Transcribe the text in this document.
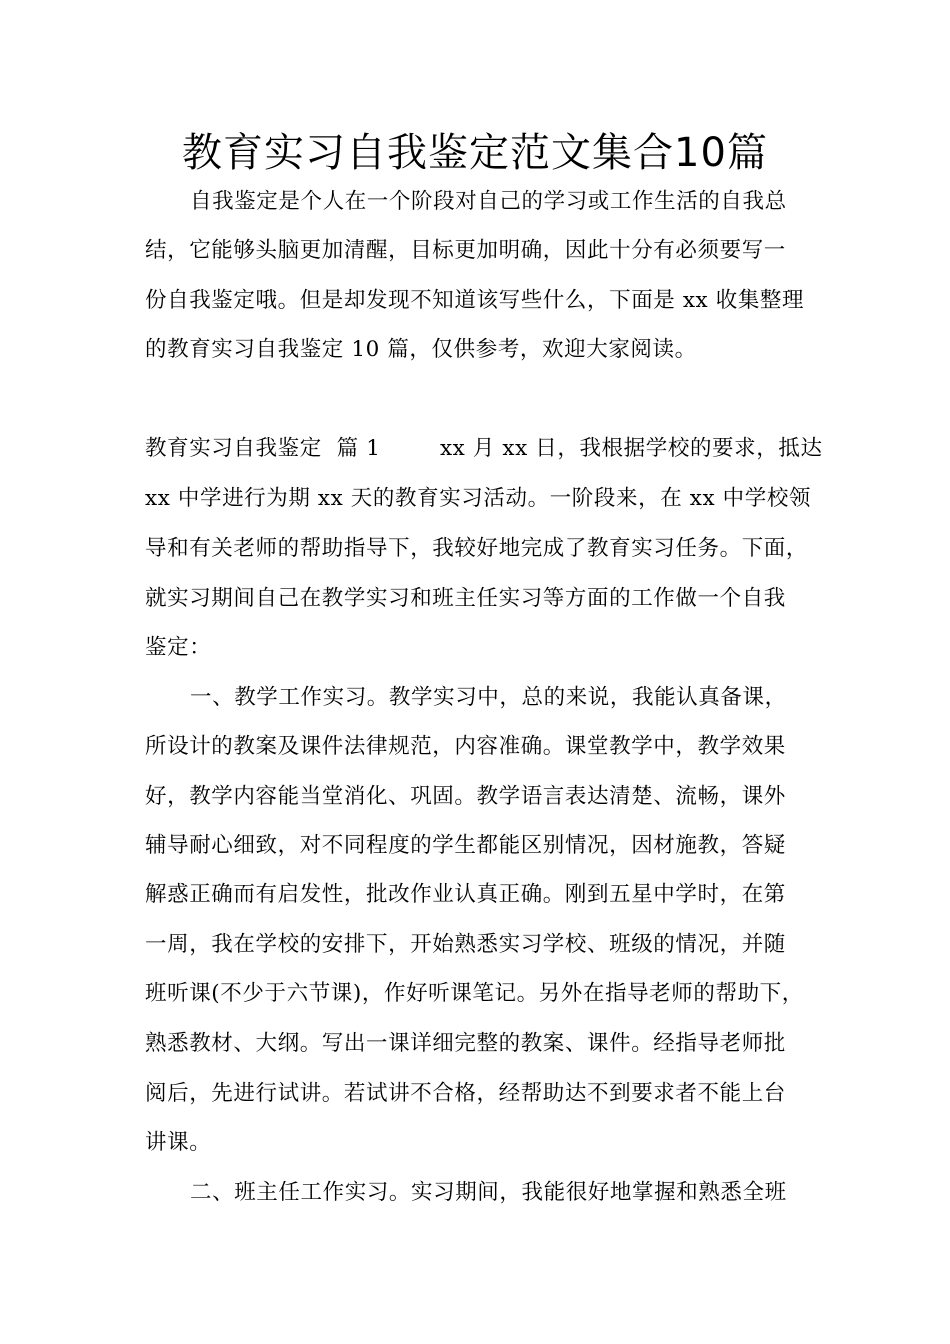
教育实习自我鉴定范文集合10篇
自我鉴定是个人在一个阶段对自己的学习或工作生活的自我总
结，它能够头脑更加清醒，目标更加明确，因此十分有必须要写一
份自我鉴定哦。但是却发现不知道该写些什么，下面是 xx 收集整理
的教育实习自我鉴定 10 篇，仅供参考，欢迎大家阅读。
教育实习自我鉴定  篇 1        xx 月 xx 日，我根据学校的要求，抵达
xx 中学进行为期 xx 天的教育实习活动。一阶段来，在 xx 中学校领
导和有关老师的帮助指导下，我较好地完成了教育实习任务。下面，
就实习期间自己在教学实习和班主任实习等方面的工作做一个自我
鉴定：
一、教学工作实习。教学实习中，总的来说，我能认真备课，
所设计的教案及课件法律规范，内容准确。课堂教学中，教学效果
好，教学内容能当堂消化、巩固。教学语言表达清楚、流畅，课外
辅导耐心细致，对不同程度的学生都能区别情况，因材施教，答疑
解惑正确而有启发性，批改作业认真正确。刚到五星中学时，在第
一周，我在学校的安排下，开始熟悉实习学校、班级的情况，并随
班听课(不少于六节课)，作好听课笔记。另外在指导老师的帮助下，
熟悉教材、大纲。写出一课详细完整的教案、课件。经指导老师批
阅后，先进行试讲。若试讲不合格，经帮助达不到要求者不能上台
讲课。
二、班主任工作实习。实习期间，我能很好地掌握和熟悉全班
